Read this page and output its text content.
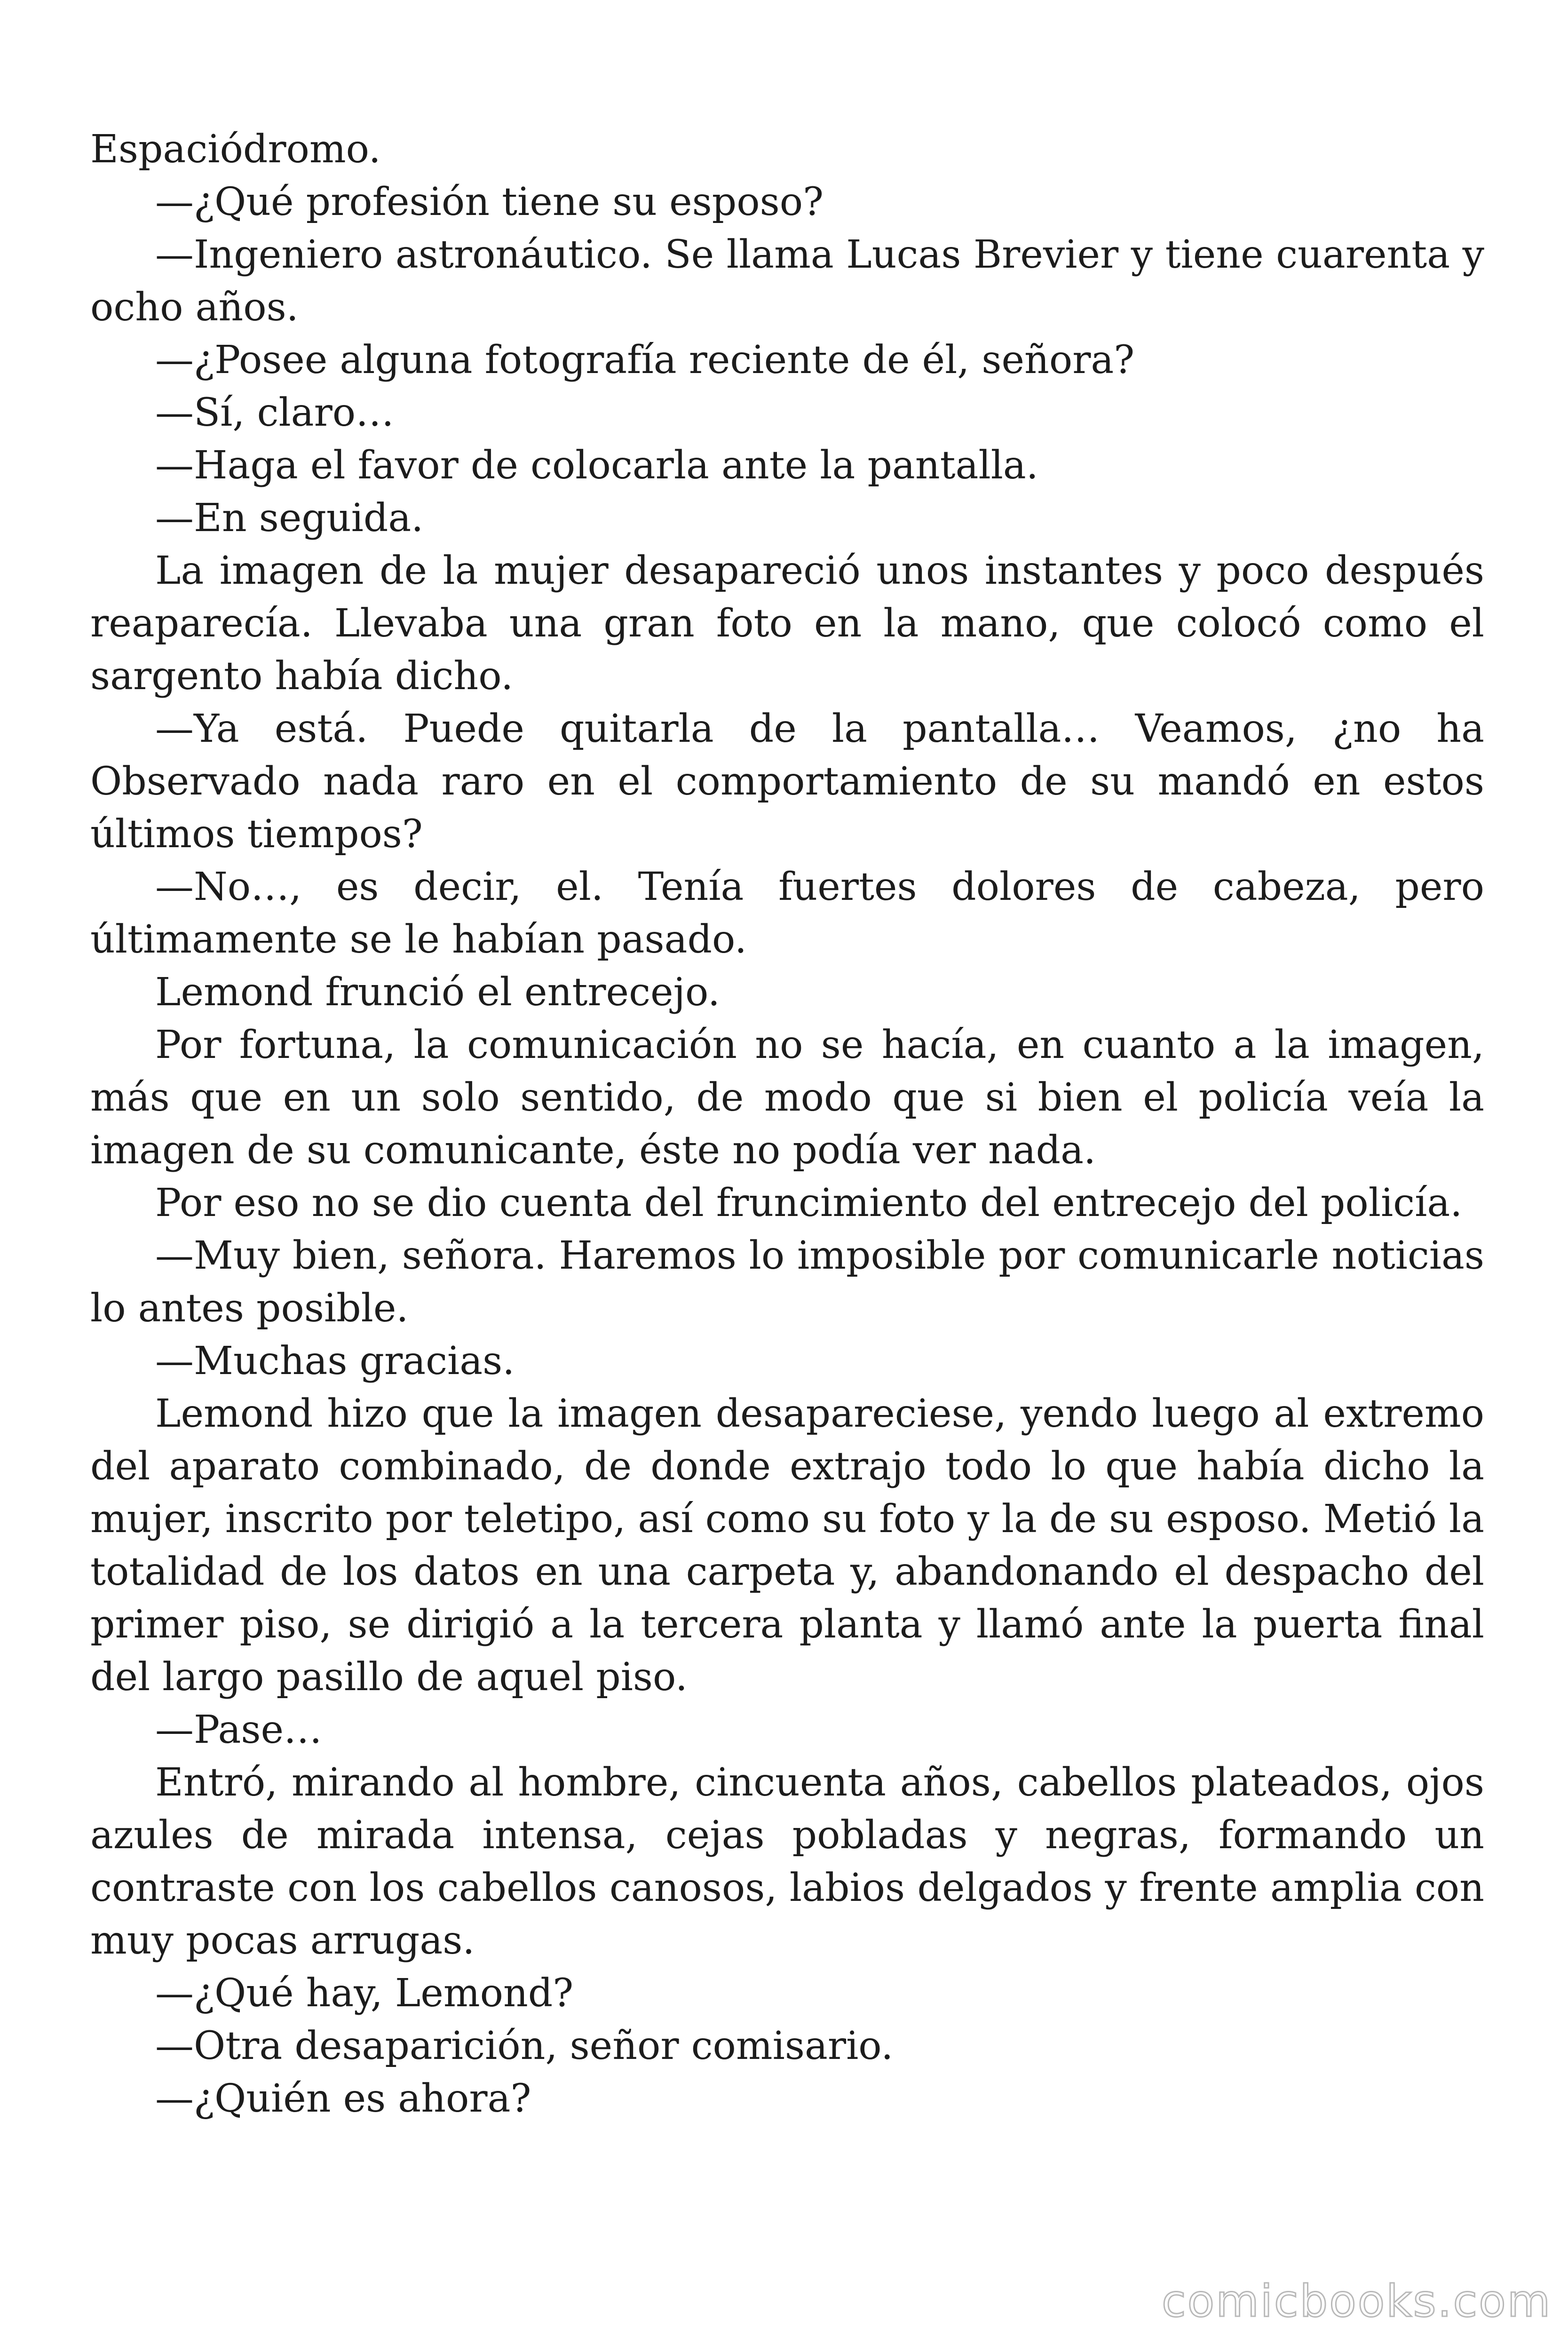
Espaciódromo.

—¿Qué profesión tiene su esposo?

—Ingeniero astronáutico. Se llama Lucas Brevier y tiene cuarenta y ocho años.

—¿Posee alguna fotografía reciente de él, señora?

—Sí, claro…

—Haga el favor de colocarla ante la pantalla.

—En seguida.

La imagen de la mujer desapareció unos instantes y poco después reaparecía. Llevaba una gran foto en la mano, que colocó como el sargento había dicho.

—Ya está. Puede quitarla de la pantalla… Veamos, ¿no ha Observado nada raro en el comportamiento de su mandó en estos últimos tiempos?

—No…, es decir, el. Tenía fuertes dolores de cabeza, pero últimamente se le habían pasado.

Lemond frunció el entrecejo.

Por fortuna, la comunicación no se hacía, en cuanto a la imagen, más que en un solo sentido, de modo que si bien el policía veía la imagen de su comunicante, éste no podía ver nada.

Por eso no se dio cuenta del fruncimiento del entrecejo del policía.

—Muy bien, señora. Haremos lo imposible por comunicarle noticias lo antes posible.

—Muchas gracias.

Lemond hizo que la imagen desapareciese, yendo luego al extremo del aparato combinado, de donde extrajo todo lo que había dicho la mujer, inscrito por teletipo, así como su foto y la de su esposo. Metió la totalidad de los datos en una carpeta y, abandonando el despacho del primer piso, se dirigió a la tercera planta y llamó ante la puerta final del largo pasillo de aquel piso.

—Pase…

Entró, mirando al hombre, cincuenta años, cabellos plateados, ojos azules de mirada intensa, cejas pobladas y negras, formando un contraste con los cabellos canosos, labios delgados y frente amplia con muy pocas arrugas.

—¿Qué hay, Lemond?

—Otra desaparición, señor comisario.

—¿Quién es ahora?

comicbooks.com
